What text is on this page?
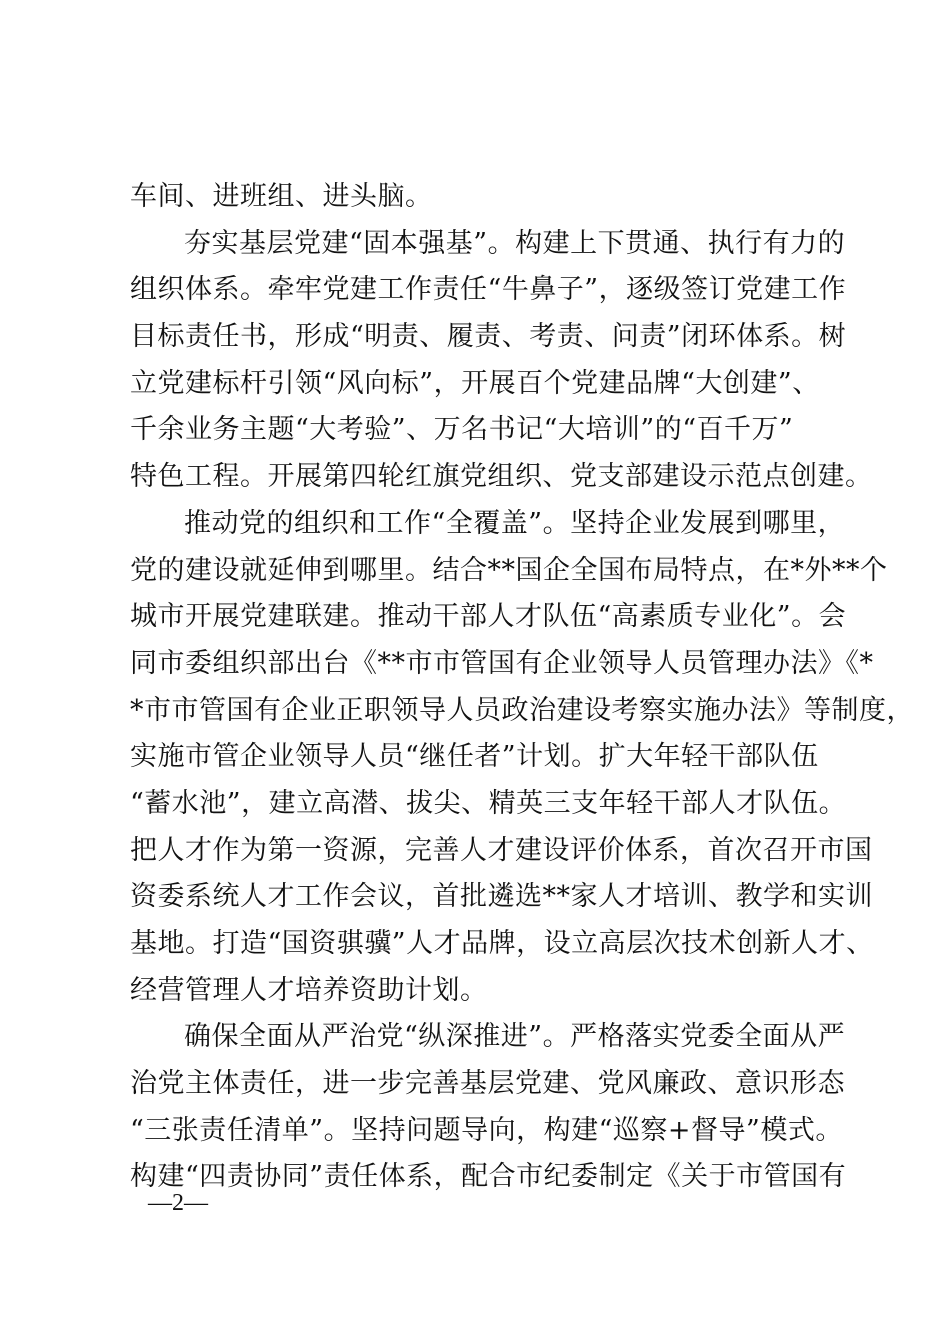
车间、进班组、进头脑。
夯实基层党建“固本强基”。构建上下贯通、执行有力的
组织体系。牵牢党建工作责任“牛鼻子”，逐级签订党建工作
目标责任书，形成“明责、履责、考责、问责”闭环体系。树
立党建标杆引领“风向标”，开展百个党建品牌“大创建”、
千余业务主题“大考验”、万名书记“大培训”的“百千万”
特色工程。开展第四轮红旗党组织、党支部建设示范点创建。
推动党的组织和工作“全覆盖”。坚持企业发展到哪里，
党的建设就延伸到哪里。结合**国企全国布局特点，在*外**个
城市开展党建联建。推动干部人才队伍“高素质专业化”。会
同市委组织部出台《**市市管国有企业领导人员管理办法》《*
*市市管国有企业正职领导人员政治建设考察实施办法》等制度，
实施市管企业领导人员“继任者”计划。扩大年轻干部队伍
“蓄水池”，建立高潜、拔尖、精英三支年轻干部人才队伍。
把人才作为第一资源，完善人才建设评价体系，首次召开市国
资委系统人才工作会议，首批遴选**家人才培训、教学和实训
基地。打造“国资骐骥”人才品牌，设立高层次技术创新人才、
经营管理人才培养资助计划。
确保全面从严治党“纵深推进”。严格落实党委全面从严
治党主体责任，进一步完善基层党建、党风廉政、意识形态
“三张责任清单”。坚持问题导向，构建“巡察+督导”模式。
构建“四责协同”责任体系，配合市纪委制定《关于市管国有
—2—
